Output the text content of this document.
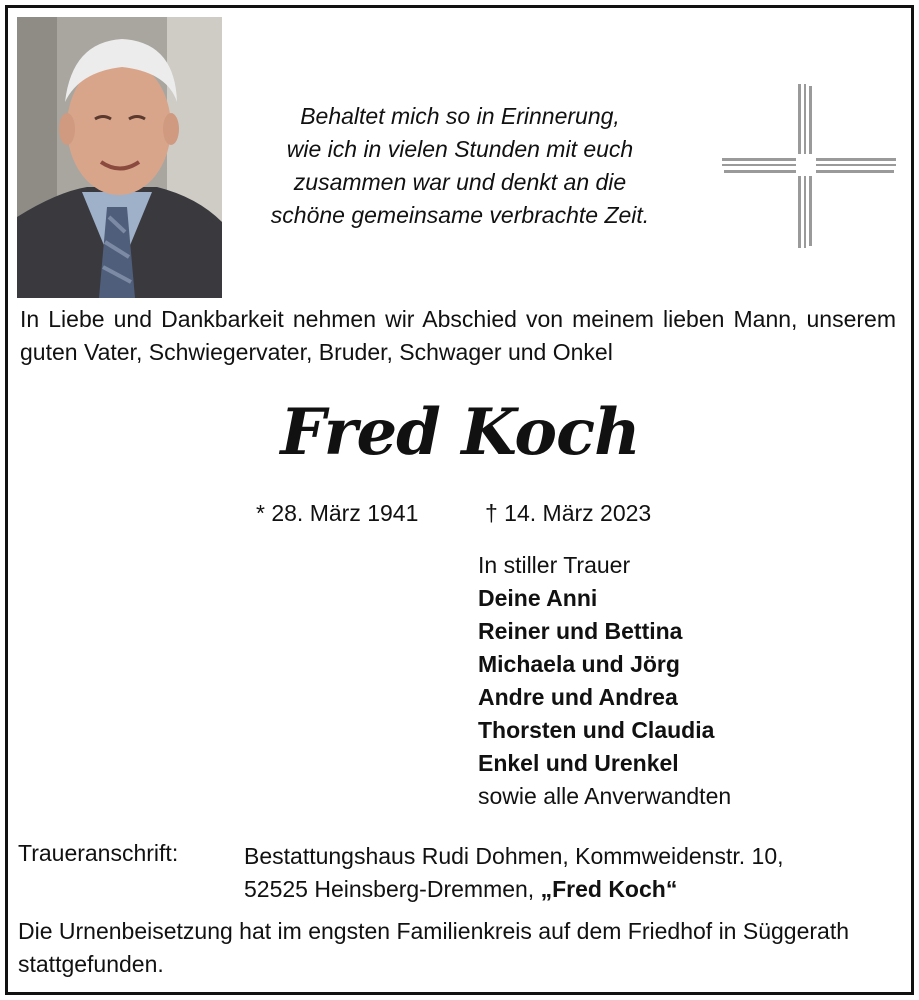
Behaltet mich so in Erinnerung,
wie ich in vielen Stunden mit euch
zusammen war und denkt an die
schöne gemeinsame verbrachte Zeit.
In Liebe und Dankbarkeit nehmen wir Abschied von meinem lieben Mann, unserem guten Vater, Schwiegervater, Bruder, Schwager und Onkel
Fred Koch
* 28. März 1941	† 14. März 2023
In stiller Trauer
Deine Anni
Reiner und Bettina
Michaela und Jörg
Andre und Andrea
Thorsten und Claudia
Enkel und Urenkel
sowie alle Anverwandten
Traueranschrift:	Bestattungshaus Rudi Dohmen, Kommweidenstr. 10,
52525 Heinsberg-Dremmen, „Fred Koch“
Die Urnenbeisetzung hat im engsten Familienkreis auf dem Friedhof in Süggerath stattgefunden.
